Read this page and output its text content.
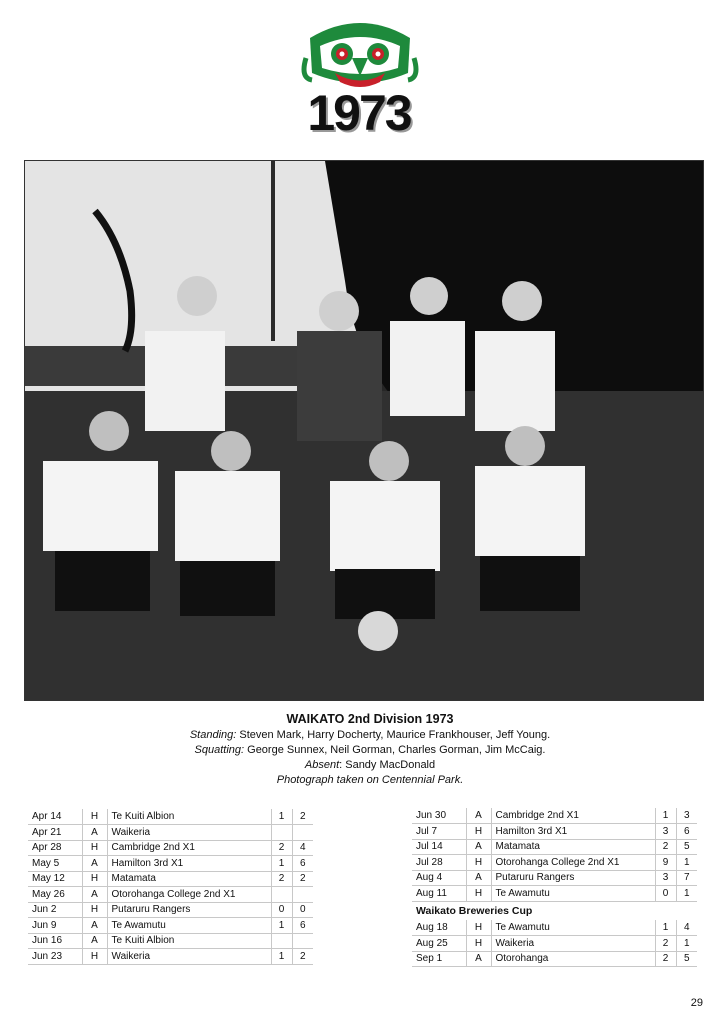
1973
WAIKATO 2nd Division 1973
Standing: Steven Mark, Harry Docherty, Maurice Frankhouser, Jeff Young.
Squatting: George Sunnex, Neil Gorman, Charles Gorman, Jim McCaig.
Absent: Sandy MacDonald
Photograph taken on Centennial Park.
Apr 14	H	Te Kuiti Albion	1	2
Apr 21	A	Waikeria		
Apr 28	H	Cambridge 2nd X1	2	4
May 5	A	Hamilton 3rd X1	1	6
May 12	H	Matamata	2	2
May 26	A	Otorohanga College 2nd X1		
Jun 2	H	Putaruru Rangers	0	0
Jun 9	A	Te Awamutu	1	6
Jun 16	A	Te Kuiti Albion		
Jun 23	H	Waikeria	1	2
Jun 30	A	Cambridge 2nd X1	1	3
Jul 7	H	Hamilton 3rd X1	3	6
Jul 14	A	Matamata	2	5
Jul 28	H	Otorohanga College 2nd X1	9	1
Aug 4	A	Putaruru Rangers	3	7
Aug 11	H	Te Awamutu	0	1
Waikato Breweries Cup
Aug 18	H	Te Awamutu	1	4
Aug 25	H	Waikeria	2	1
Sep 1	A	Otorohanga	2	5
29
